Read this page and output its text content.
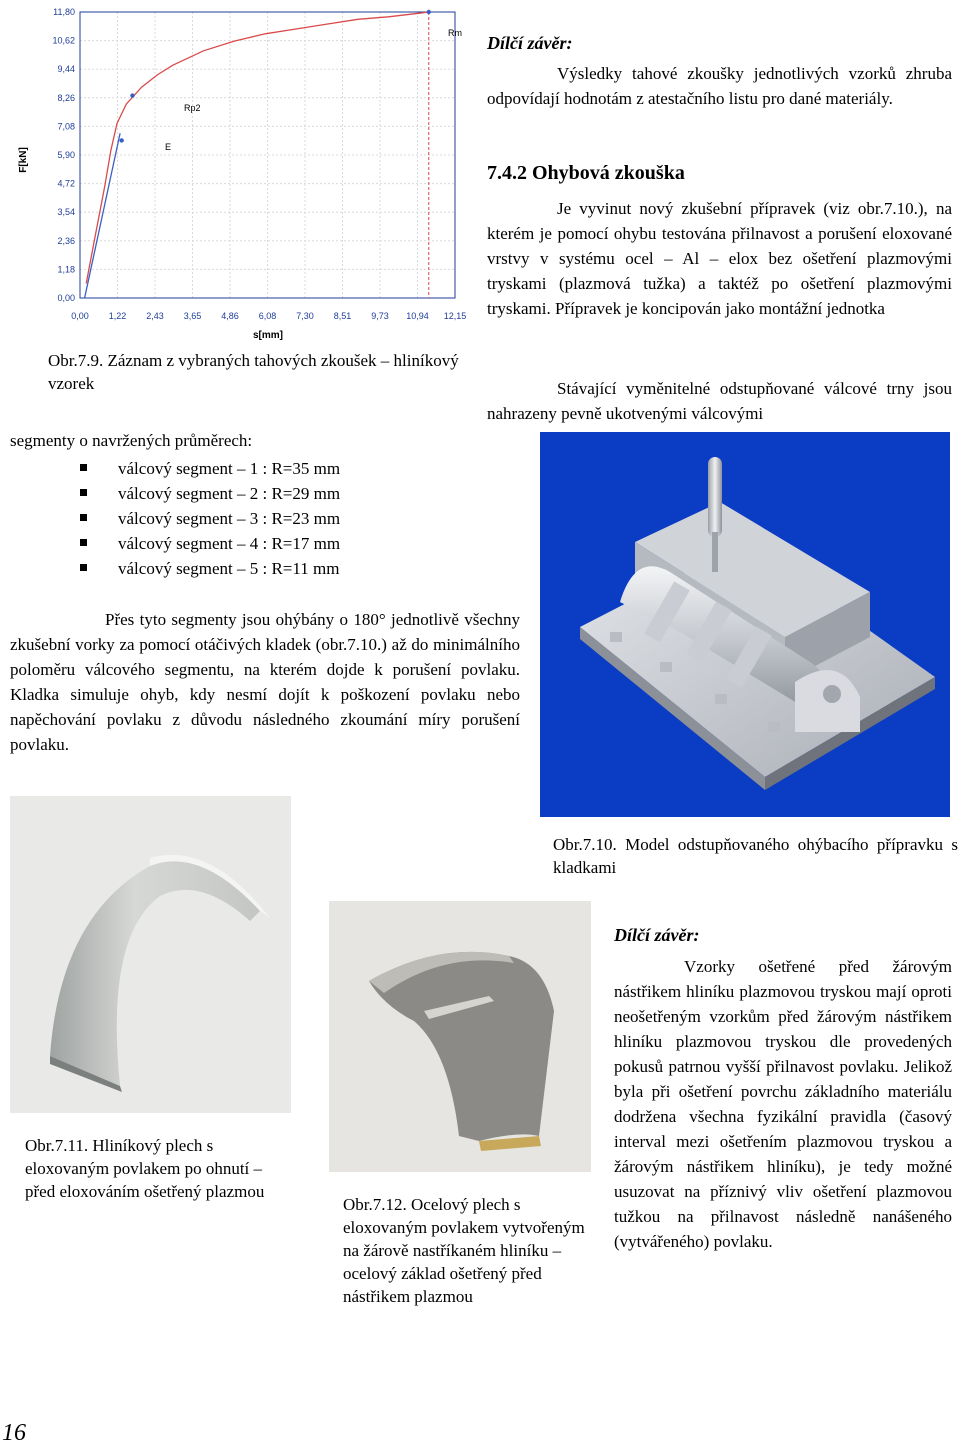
F[kN]
s[mm]
0,00
1,18
2,36
3,54
4,72
5,90
7,08
8,26
9,44
10,62
11,80
0,00 1,22 2,43 3,65 4,86 6,08 7,30 8,51 9,73 10,94 12,15
Rm
Rp2
E
Obr.7.9. Záznam z vybraných tahových zkoušek – hliníkový vzorek
segmenty o navržených průměrech:
válcový segment – 1 : R=35 mm
válcový segment – 2 : R=29 mm
válcový segment – 3 : R=23 mm
válcový segment – 4 : R=17 mm
válcový segment – 5 : R=11 mm
Přes tyto segmenty jsou ohýbány o 180° jednotlivě všechny zkušební vorky za pomocí otáčivých kladek (obr.7.10.) až do minimálního poloměru válcového segmentu, na kterém dojde k porušení povlaku. Kladka simuluje ohyb, kdy nesmí dojít k poškození povlaku nebo napěchování povlaku z důvodu následného zkoumání míry porušení povlaku.
Dílčí závěr:
Výsledky tahové zkoušky jednotlivých vzorků zhruba odpovídají hodnotám z atestačního listu pro dané materiály.
7.4.2 Ohybová zkouška
Je vyvinut nový zkušební přípravek (viz obr.7.10.), na kterém je pomocí ohybu testována přilnavost a porušení eloxované vrstvy v systému ocel – Al – elox bez ošetření plazmovými tryskami (plazmová tužka) a taktéž po ošetření plazmovými tryskami. Přípravek je koncipován jako montážní jednotka
Stávající vyměnitelné odstupňované válcové trny jsou nahrazeny pevně ukotvenými válcovými
Obr.7.10. Model odstupňovaného ohýbacího přípravku s kladkami
Obr.7.11. Hliníkový plech s eloxovaným povlakem po ohnutí – před eloxováním ošetřený plazmou
Obr.7.12. Ocelový plech s eloxovaným povlakem vytvořeným na žárově nastříkaném hliníku – ocelový základ ošetřený před nástřikem plazmou
Dílčí závěr:
Vzorky ošetřené před žárovým nástřikem hliníku plazmovou tryskou mají oproti neošetřeným vzorkům před žárovým nástřikem hliníku plazmovou tryskou dle provedených pokusů patrnou vyšší přilnavost povlaku. Jelikož byla při ošetření povrchu základního materiálu dodržena všechna fyzikální pravidla (časový interval mezi ošetřením plazmovou tryskou a žárovým nástřikem hliníku), je tedy možné usuzovat na příznivý vliv ošetření plazmovou tužkou na přilnavost následně nanášeného (vytvářeného) povlaku.
16
